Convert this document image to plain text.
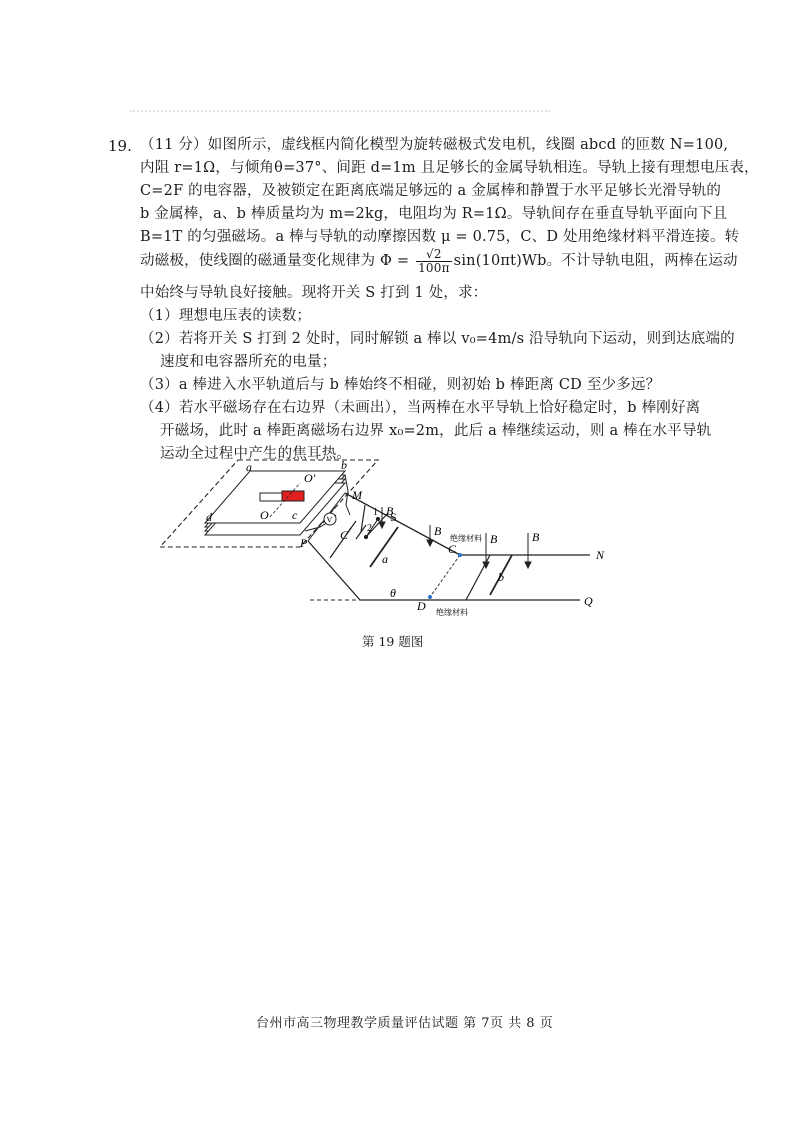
19. （11 分）如图所示，虚线框内简化模型为旋转磁极式发电机，线圈 abcd 的匝数 N=100,
内阻 r=1Ω，与倾角θ=37°、间距 d=1m 且足够长的金属导轨相连。导轨上接有理想电压表，
C=2F 的电容器，及被锁定在距离底端足够远的 a 金属棒和静置于水平足够长光滑导轨的
b 金属棒，a、b 棒质量均为 m=2kg，电阻均为 R=1Ω。导轨间存在垂直导轨平面向下且
B=1T 的匀强磁场。a 棒与导轨的动摩擦因数 μ = 0.75，C、D 处用绝缘材料平滑连接。转
动磁极，使线圈的磁通量变化规律为 $\Phi = \frac{√2}{100\pi} \sin(10\pi t)Wb$。不计导轨电阻，两棒在运动
中始终与导轨良好接触。现将开关 S 打到 1 处，求：
（1）理想电压表的读数；
（2）若将开关 S 打到 2 处时，同时解锁 a 棒以 v₀=4m/s 沿导轨向下运动，则到达底端的
速度和电容器所充的电量；
（3）a 棒进入水平轨道后与 b 棒始终不相碰，则初始 b 棒距离 CD 至少多远？
（4）若水平磁场存在右边界（未画出），当两棒在水平导轨上恰好稳定时，b 棒刚好离
开磁场，此时 a 棒距离磁场右边界 x₀=2m，此后 a 棒继续运动，则 a 棒在水平导轨
运动全过程中产生的焦耳热。
V
a	b
c
d	O
O'
M
P
C
1
2
S
B
B
B	B
a
b
C
D
θ
N
Q
绝缘材料
绝缘材料
第 19 题图
台州市高三物理教学质量评估试题 第 7页 共 8 页
